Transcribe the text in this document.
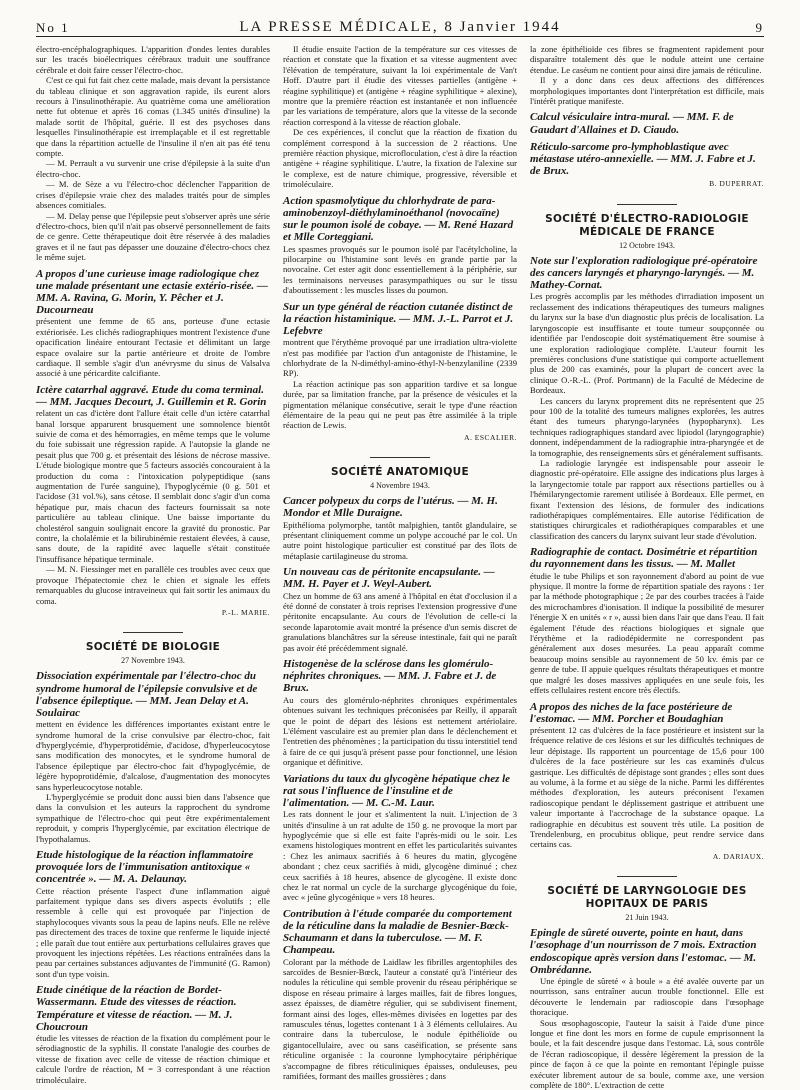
No 1	LA PRESSE MÉDICALE, 8 Janvier 1944	9

électro-encéphalographiques. L'apparition d'ondes lentes durables sur les tracés bioélectriques cérébraux traduit une souffrance cérébrale et doit faire cesser l'électro-choc.

C'est ce qui fut fait chez cette malade, mais devant la persistance du tableau clinique et son aggravation rapide, ils eurent alors recours à l'insulinothérapie. Au quatrième coma une amélioration nette fut obtenue et après 16 comas (1.345 unités d'insuline) la malade sortit de l'hôpital, guérie. Il est des psychoses dans lesquelles l'insulinothérapie est irremplaçable et il est regrettable que dans la répartition actuelle de l'insuline il n'en ait pas été tenu compte.

— M. Perrault a vu survenir une crise d'épilepsie à la suite d'un électro-choc.

— M. de Sèze a vu l'électro-choc déclencher l'apparition de crises d'épilepsie vraie chez des malades traités pour de simples absences comitiales.

— M. Delay pense que l'épilepsie peut s'observer après une série d'électro-chocs, bien qu'il n'ait pas observé personnellement de faits de ce genre. Cette thérapeutique doit être réservée à des maladies graves et il ne faut pas dépasser une douzaine d'électro-chocs chez le même sujet.

A propos d'une curieuse image radiologique chez une malade présentant une ectasie extério-risée. — MM. A. Ravina, G. Morin, Y. Pêcher et J. Ducourneau

présentent une femme de 65 ans, porteuse d'une ectasie extériorisée. Les clichés radiographiques montrent l'existence d'une opacification linéaire entourant l'ectasie et délimitant un large espace ovalaire sur la partie antérieure et droite de l'ombre cardiaque. Il semble s'agir d'un anévrysme du sinus de Valsalva associé à une péricardite calcifiante.

Ictère catarrhal aggravé. Etude du coma terminal. — MM. Jacques Decourt, J. Guillemin et R. Gorin

relatent un cas d'ictère dont l'allure était celle d'un ictère catarrhal banal lorsque apparurent brusquement une somnolence bientôt suivie de coma et des hémorragies, en même temps que le volume du foie subissait une régression rapide. A l'autopsie la glande ne pesait plus que 700 g. et présentait des lésions de nécrose massive. L'étude biologique montre que 5 facteurs associés concouraient à la production du coma : l'intoxication polypeptidique (sans augmentation de l'urée sanguine), l'hypoglycémie (0 g. 501 et l'acidose (31 vol.%), sans cétose. Il semblait donc s'agir d'un coma hépatique pur, mais chacun des facteurs fournissait sa note particulière au tableau clinique. Une baisse importante du cholestérol sanguin soulignait encore la gravité du pronostic. Par contre, la cholalémie et la bilirubinémie restaient élevées, à cause, sans doute, de la rapidité avec laquelle s'était constituée l'insuffisance hépatique terminale.

— M. N. Fiessinger met en parallèle ces troubles avec ceux que provoque l'hépatectomie chez le chien et signale les effets remarquables du glucose intraveineux qui fait sortir les animaux du coma.

P.-L. MARIE.

SOCIÉTÉ DE BIOLOGIE
27 Novembre 1943.

Dissociation expérimentale par l'électro-choc du syndrome humoral de l'épilepsie convulsive et de l'absence épileptique. — MM. Jean Delay et A. Soulairac

mettent en évidence les différences importantes existant entre le syndrome humoral de la crise convulsive par électro-choc, fait d'hyperglycémie, d'hyperprotidémie, d'acidose, d'hyperleucocytose sans modification des monocytes, et le syndrome humoral de l'absence épileptique par électro-choc fait d'hypoglycémie, de légère hypoprotidémie, d'alcalose, d'augmentation des monocytes sans hyperleucocytose notable.

L'hyperglycémie se produit donc aussi bien dans l'absence que dans la convulsion et les auteurs la rapprochent du syndrome sympathique de l'électro-choc qui peut être expérimentalement reproduit, y compris l'hyperglycémie, par excitation électrique de l'hypothalamus.

Etude histologique de la réaction inflammatoire provoquée lors de l'immunisation antitoxique « concentrée ». — M. A. Delaunay.

Cette réaction présente l'aspect d'une inflammation aiguë parfaitement typique dans ses divers aspects évolutifs ; elle ressemble à celle qui est provoquée par l'injection de staphylocoques vivants sous la peau de lapins neufs. Elle ne relève pas directement des traces de toxine que renferme le liquide injecté ; elle paraît due tout entière aux perturbations cellulaires graves que provoquent les injections répétées. Les réactions entraînées dans la peau par certaines substances adjuvantes de l'immunité (G. Ramon) sont d'un type voisin.

Etude cinétique de la réaction de Bordet-Wassermann. Etude des vitesses de réaction. Température et vitesse de réaction. — M. J. Choucroun

étudie les vitesses de réaction de la fixation du complément pour le sérodiagnostic de la syphilis. Il constate l'analogie des courbes de vitesse de fixation avec celle de vitesse de réaction chimique et calcule l'ordre de réaction, M = 3 correspondant à une réaction trimoléculaire.

Il étudie ensuite l'action de la température sur ces vitesses de réaction et constate que la fixation et sa vitesse augmentent avec l'élévation de température, suivant la loi expérimentale de Van't Hoff. D'autre part il étudie des vitesses partielles (antigène + réagine syphilitique) et (antigène + réagine syphilitique + alexine), montre que la première réaction est instantanée et non influencée par les variations de température, alors que la vitesse de la seconde réaction correspond à la vitesse de réaction globale.

De ces expériences, il conclut que la réaction de fixation du complément correspond à la succession de 2 réactions. Une première réaction physique, microfloculation, c'est à dire la réaction antigène + réagine syphilitique. L'autre, la fixation de l'alexine sur le complexe, est de nature chimique, progressive, réversible et trimoléculaire.

Action spasmolytique du chlorhydrate de para-aminobenzoyl-diéthylaminoéthanol (novocaïne) sur le poumon isolé de cobaye. — M. René Hazard et Mlle Corteggiani.

Les spasmes provoqués sur le poumon isolé par l'acétylcholine, la pilocarpine ou l'histamine sont levés en grande partie par la novocaïne. Cet ester agit donc essentiellement à la périphérie, sur les terminaisons nerveuses parasympathiques ou sur le tissu d'aboutissement : les muscles lisses du poumon.

Sur un type général de réaction cutanée distinct de la réaction histaminique. — MM. J.-L. Parrot et J. Lefebvre

montrent que l'érythème provoqué par une irradiation ultra-violette n'est pas modifiée par l'action d'un antagoniste de l'histamine, le chlorhydrate de la N-diméthyl-amino-éthyl-N-benzylaniline (2339 RP).

La réaction actinique pas son apparition tardive et sa longue durée, par sa limitation franche, par la présence de vésicules et la pigmentation mélanique consécutive, serait le type d'une réaction élémentaire de la peau qui ne peut pas être assimilée à la triple réaction de Lewis.

A. ESCALIER.

SOCIÉTÉ ANATOMIQUE
4 Novembre 1943.

Cancer polypeux du corps de l'utérus. — M. H. Mondor et Mlle Duraigne.

Epithélioma polymorphe, tantôt malpighien, tantôt glandulaire, se présentant cliniquement comme un polype accouché par le col. Un autre point histologique particulier est constitué par des îlots de métaplasie cartilagineuse du stroma.

Un nouveau cas de péritonite encapsulante. — MM. H. Payer et J. Weyl-Aubert.

Chez un homme de 63 ans amené à l'hôpital en état d'occlusion il a été donné de constater à trois reprises l'extension progressive d'une péritonite encapsulante. Au cours de l'évolution de celle-ci la seconde laparotomie avait montré la présence d'un semis discret de granulations blanchâtres sur la séreuse intestinale, fait qui ne paraît pas avoir été précédemment signalé.

Histogenèse de la sclérose dans les glomérulo-néphrites chroniques. — MM. J. Fabre et J. de Brux.

Au cours des glomérulo-néphrites chroniques expérimentales obtenues suivant les techniques préconisées par Reilly, il apparaît que le point de départ des lésions est nettement artériolaire. L'élément vasculaire est au premier plan dans le déclenchement et l'entretien des phénomènes ; la participation du tissu interstitiel tend à faire de ce qui jusqu'à présent passe pour fonctionnel, une lésion organique et définitive.

Variations du taux du glycogène hépatique chez le rat sous l'influence de l'insuline et de l'alimentation. — M. C.-M. Laur.

Les rats donnent le jour et s'alimentent la nuit. L'injection de 3 unités d'insuline à un rat adulte de 150 g. ne provoque la mort par hypoglycémie que si elle est faite l'après-midi ou le soir. Les examens histologiques montrent en effet les particularités suivantes : Chez les animaux sacrifiés à 6 heures du matin, glycogène abondant ; chez ceux sacrifiés à midi, glycogène diminué ; chez ceux sacrifiés à 18 heures, absence de glycogène. Il existe donc chez le rat normal un cycle de la surcharge glycogénique du foie, avec « jeûne glycogénique » vers 18 heures.

Contribution à l'étude comparée du comportement de la réticuline dans la maladie de Besnier-Bœck-Schaumann et dans la tuberculose. — M. F. Champeau.

Colorant par la méthode de Laidlaw les fibrilles argentophiles des sarcoïdes de Besnier-Bœck, l'auteur a constaté qu'à l'intérieur des nodules la réticuline qui semble provenir du réseau périphérique se dispose en réseau primaire à larges mailles, fait de fibres longues, assez épaisses, de diamètre régulier, qui se subdivisent finement, formant ainsi des loges, elles-mêmes divisées en logettes par des ramuscules ténus, logettes contenant 1 à 3 éléments cellulaires. Au contraire dans la tuberculose, le nodule épithélioïde ou gigantocellulaire, avec ou sans caséification, se présente sans réticuline organisée : la couronne lymphocytaire périphérique s'accompagne de fibres réticuliniques épaisses, onduleuses, peu ramifiées, formant des mailles grossières ; dans

la zone épithélioïde ces fibres se fragmentent rapidement pour disparaître totalement dès que le nodule atteint une certaine étendue. Le caséum ne contient pour ainsi dire jamais de réticuline.

Il y a donc dans ces deux affections des différences morphologiques importantes dont l'interprétation est difficile, mais l'intérêt pratique manifeste.

Calcul vésiculaire intra-mural. — MM. F. de Gaudart d'Allaines et D. Ciaudo.

Réticulo-sarcome pro-lymphoblastique avec métastase utéro-annexielle. — MM. J. Fabre et J. de Brux.

B. DUPERRAT.

SOCIÉTÉ D'ÉLECTRO-RADIOLOGIE MÉDICALE DE FRANCE
12 Octobre 1943.

Note sur l'exploration radiologique pré-opératoire des cancers laryngés et pharyngo-laryngés. — M. Mathey-Cornat.

Les progrès accomplis par les méthodes d'irradiation imposent un reclassement des indications thérapeutiques des tumeurs malignes du larynx sur la base d'un diagnostic plus précis de localisation. La laryngoscopie est insuffisante et toute tumeur soupçonnée ou identifiée par l'endoscopie doit systématiquement être soumise à une exploration radiologique complète. L'auteur fournit les premières conclusions d'une statistique qui comporte actuellement plus de 200 cas examinés, pour la plupart de concert avec la clinique O.-R.-L. (Prof. Portmann) de la Faculté de Médecine de Bordeaux.

Les cancers du larynx proprement dits ne représentent que 25 pour 100 de la totalité des tumeurs malignes explorées, les autres étant des tumeurs pharyngo-larynées (hypopharynx). Les techniques radiographiques standard avec lipiodol (laryngographie) donnent, indépendamment de la radiographie intra-pharyngée et de la tomographie, des renseignements sûrs et généralement suffisants.

La radiologie laryngée est indispensable pour asseoir le diagnostic pré-opératoire. Elle assigne des indications plus larges à la laryngectomie totale par rapport aux résections partielles ou à l'hémilaryngectomie rarement utilisée à Bordeaux. Elle permet, en fixant l'extension des lésions, de formuler des indications radiothérapiques complémentaires. Elle autorise l'édification de statistiques chirurgicales et radiothérapiques comparables et une classification des cancers du larynx suivant leur stade d'évolution.

Radiographie de contact. Dosimétrie et répartition du rayonnement dans les tissus. — M. Mallet

étudie le tube Philips et son rayonnement d'abord au point de vue physique. Il montre la forme de répartition spatiale des rayons : 1er par la méthode photographique ; 2e par des courbes tracées à l'aide des microchambres d'ionisation. Il indique la possibilité de mesurer l'énergie X en unités « r », aussi bien dans l'air que dans l'eau. Il fait également l'étude des réactions biologiques et signale que l'érythème et la radiodépidermite ne correspondent pas généralement aux doses mesurées. La peau apparaît comme beaucoup moins sensible au rayonnement de 50 kv. émis par ce genre de tube. Il appuie quelques résultats thérapeutiques et montre que malgré les doses massives appliquées en une seule fois, les effets cellulaires restent encore très électifs.

A propos des niches de la face postérieure de l'estomac. — MM. Porcher et Boudaghian

présentent 12 cas d'ulcères de la face postérieure et insistent sur la fréquence relative de ces lésions et sur les difficultés techniques de leur dépistage. Ils rapportent un pourcentage de 15,6 pour 100 d'ulcères de la face postérieure sur les cas examinés d'ulcus gastrique. Les difficultés de dépistage sont grandes ; elles sont dues au volume, à la forme et au siège de la niche. Parmi les différentes méthodes d'exploration, les auteurs préconisent l'examen radioscopique pendant le déplissement gastrique et attribuent une valeur importante à l'accrochage de la substance opaque. La radiographie en décubitus est souvent très utile. La position de Trendelenburg, en procubitus oblique, peut rendre service dans certains cas.

A. DARIAUX.

SOCIÉTÉ DE LARYNGOLOGIE DES HOPITAUX DE PARIS
21 Juin 1943.

Epingle de sûreté ouverte, pointe en haut, dans l'œsophage d'un nourrisson de 7 mois. Extraction endoscopique après version dans l'estomac. — M. Ombrédanne.

Une épingle de sûreté « à boule » a été avalée ouverte par un nourrisson, sans entraîner aucun trouble fonctionnel. Elle est découverte le lendemain par radioscopie dans l'œsophage thoracique.

Sous œsophagoscopie, l'auteur la saisit à l'aide d'une pince longue et fine dont les mors en forme de cupule emprisonnent la boule, et la fait descendre jusque dans l'estomac. Là, sous contrôle de l'écran radioscopique, il dessère légèrement la pression de la pince de façon à ce que la pointe en remontant l'épingle puisse exécuter librement autour de sa boule, comme axe, une version complète de 180°. L'extraction de cette
